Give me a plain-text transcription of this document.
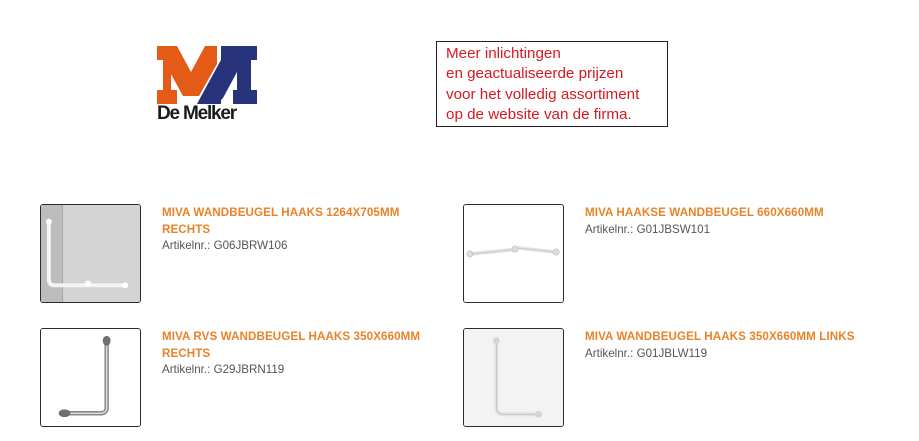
De Melker
Meer inlichtingen
en geactualiseerde prijzen
voor het volledig assortiment
op de website van de firma.
MIVA WANDBEUGEL HAAKS 1264X705MM RECHTS
Artikelnr.: G06JBRW106
MIVA HAAKSE WANDBEUGEL 660X660MM
Artikelnr.: G01JBSW101
MIVA RVS WANDBEUGEL HAAKS 350X660MM RECHTS
Artikelnr.: G29JBRN119
MIVA WANDBEUGEL HAAKS 350X660MM LINKS
Artikelnr.: G01JBLW119
